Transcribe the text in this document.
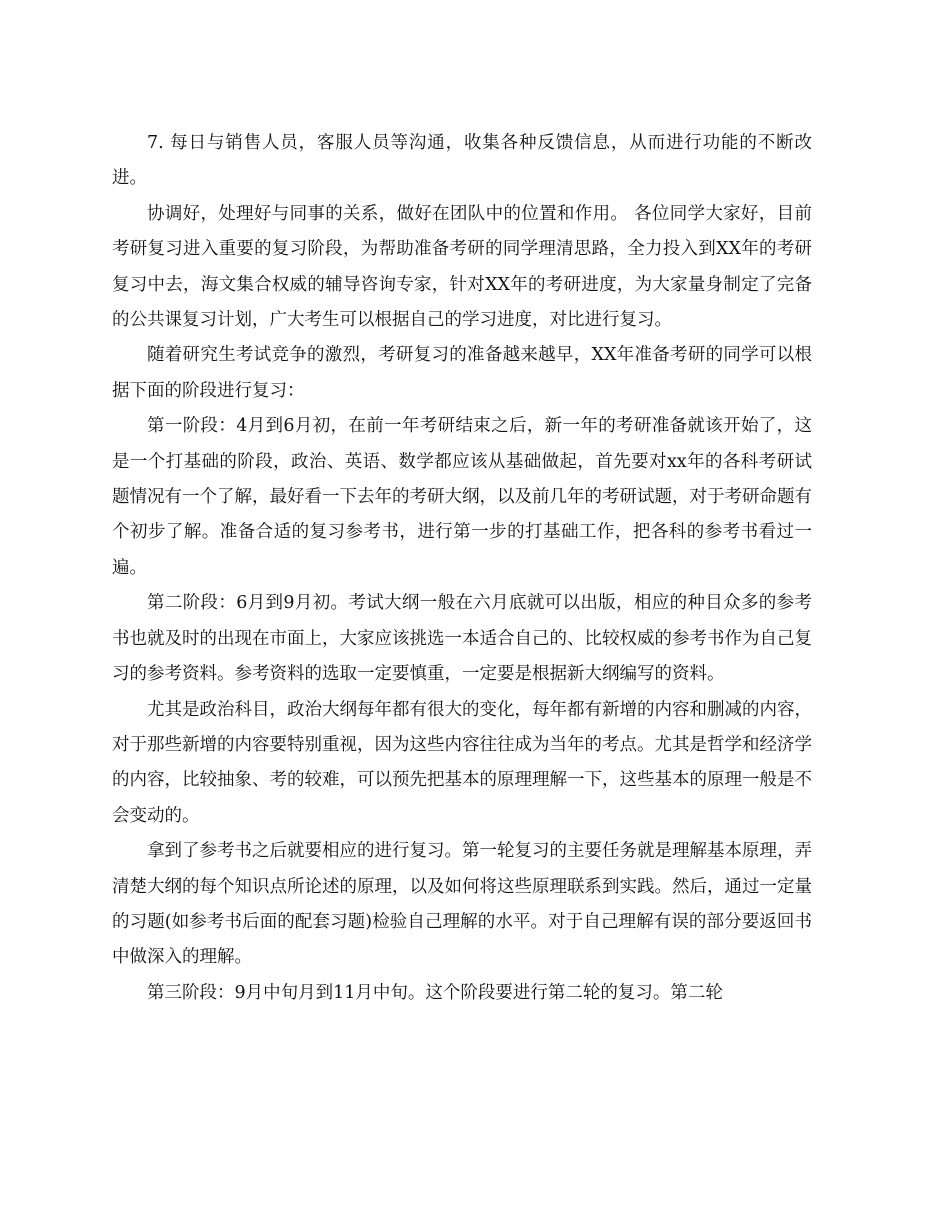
7. 每日与销售人员，客服人员等沟通，收集各种反馈信息，从而进行功能的不断改进。

协调好，处理好与同事的关系，做好在团队中的位置和作用。 各位同学大家好，目前考研复习进入重要的复习阶段，为帮助准备考研的同学理清思路，全力投入到XX年的考研复习中去，海文集合权威的辅导咨询专家，针对XX年的考研进度，为大家量身制定了完备的公共课复习计划，广大考生可以根据自己的学习进度，对比进行复习。

随着研究生考试竞争的激烈，考研复习的准备越来越早，XX年准备考研的同学可以根据下面的阶段进行复习：

第一阶段：4月到6月初，在前一年考研结束之后，新一年的考研准备就该开始了，这是一个打基础的阶段，政治、英语、数学都应该从基础做起，首先要对xx年的各科考研试题情况有一个了解，最好看一下去年的考研大纲，以及前几年的考研试题，对于考研命题有个初步了解。准备合适的复习参考书，进行第一步的打基础工作，把各科的参考书看过一遍。

第二阶段：6月到9月初。考试大纲一般在六月底就可以出版，相应的种目众多的参考书也就及时的出现在市面上，大家应该挑选一本适合自己的、比较权威的参考书作为自己复习的参考资料。参考资料的选取一定要慎重，一定要是根据新大纲编写的资料。

尤其是政治科目，政治大纲每年都有很大的变化，每年都有新增的内容和删减的内容，对于那些新增的内容要特别重视，因为这些内容往往成为当年的考点。尤其是哲学和经济学的内容，比较抽象、考的较难，可以预先把基本的原理理解一下，这些基本的原理一般是不会变动的。

拿到了参考书之后就要相应的进行复习。第一轮复习的主要任务就是理解基本原理，弄清楚大纲的每个知识点所论述的原理，以及如何将这些原理联系到实践。然后，通过一定量的习题(如参考书后面的配套习题)检验自己理解的水平。对于自己理解有误的部分要返回书中做深入的理解。

第三阶段：9月中旬月到11月中旬。这个阶段要进行第二轮的复习。第二轮
